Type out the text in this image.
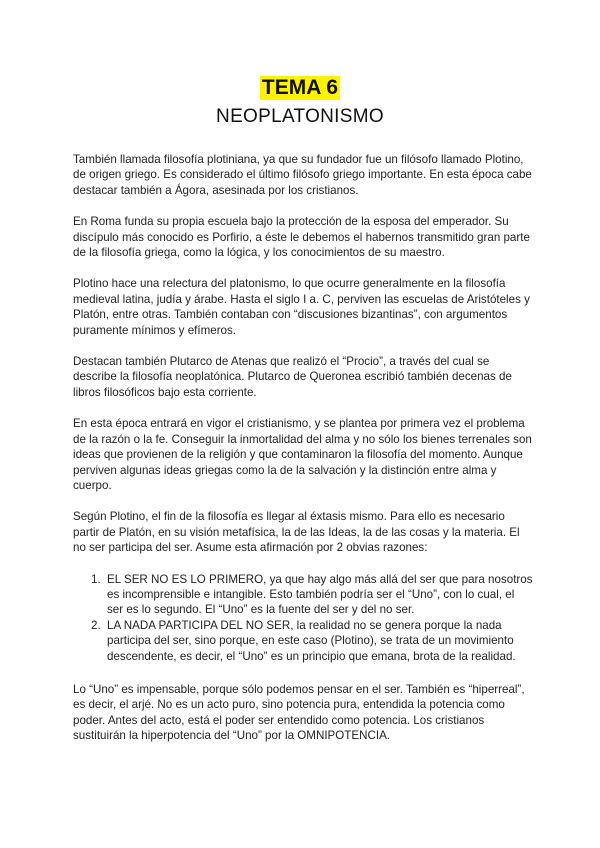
TEMA 6
NEOPLATONISMO

También llamada filosofía plotiniana, ya que su fundador fue un filósofo llamado Plotino, de origen griego. Es considerado el último filósofo griego importante. En esta época cabe destacar también a Ágora, asesinada por los cristianos.

En Roma funda su propia escuela bajo la protección de la esposa del emperador. Su discípulo más conocido es Porfirio, a éste le debemos el habernos transmitido gran parte de la filosofía griega, como la lógica, y los conocimientos de su maestro.

Plotino hace una relectura del platonismo, lo que ocurre generalmente en la filosofía medieval latina, judía y árabe. Hasta el siglo I a. C, perviven las escuelas de Aristóteles y Platón, entre otras. También contaban con “discusiones bizantinas”, con argumentos puramente mínimos y efímeros.

Destacan también Plutarco de Atenas que realizó el “Procio”, a través del cual se describe la filosofía neoplatónica. Plutarco de Queronea escribió también decenas de libros filosóficos bajo esta corriente.

En esta época entrará en vigor el cristianismo, y se plantea por primera vez el problema de la razón o la fe. Conseguir la inmortalidad del alma y no sólo los bienes terrenales son ideas que provienen de la religión y que contaminaron la filosofía del momento. Aunque perviven algunas ideas griegas como la de la salvación y la distinción entre alma y cuerpo.

Según Plotino, el fin de la filosofía es llegar al éxtasis mismo. Para ello es necesario partir de Platón, en su visión metafísica, la de las Ideas, la de las cosas y la materia. El no ser participa del ser. Asume esta afirmación por 2 obvias razones:

1. EL SER NO ES LO PRIMERO, ya que hay algo más allá del ser que para nosotros es incomprensible e intangible. Esto también podría ser el “Uno”, con lo cual, el ser es lo segundo. El “Uno” es la fuente del ser y del no ser.
2. LA NADA PARTICIPA DEL NO SER, la realidad no se genera porque la nada participa del ser, sino porque, en este caso (Plotino), se trata de un movimiento descendente, es decir, el “Uno” es un principio que emana, brota de la realidad.

Lo “Uno” es impensable, porque sólo podemos pensar en el ser. También es “hiperreal”, es decir, el arjé. No es un acto puro, sino potencia pura, entendida la potencia como poder. Antes del acto, está el poder ser entendido como potencia. Los cristianos sustituirán la hiperpotencia del “Uno” por la OMNIPOTENCIA.
